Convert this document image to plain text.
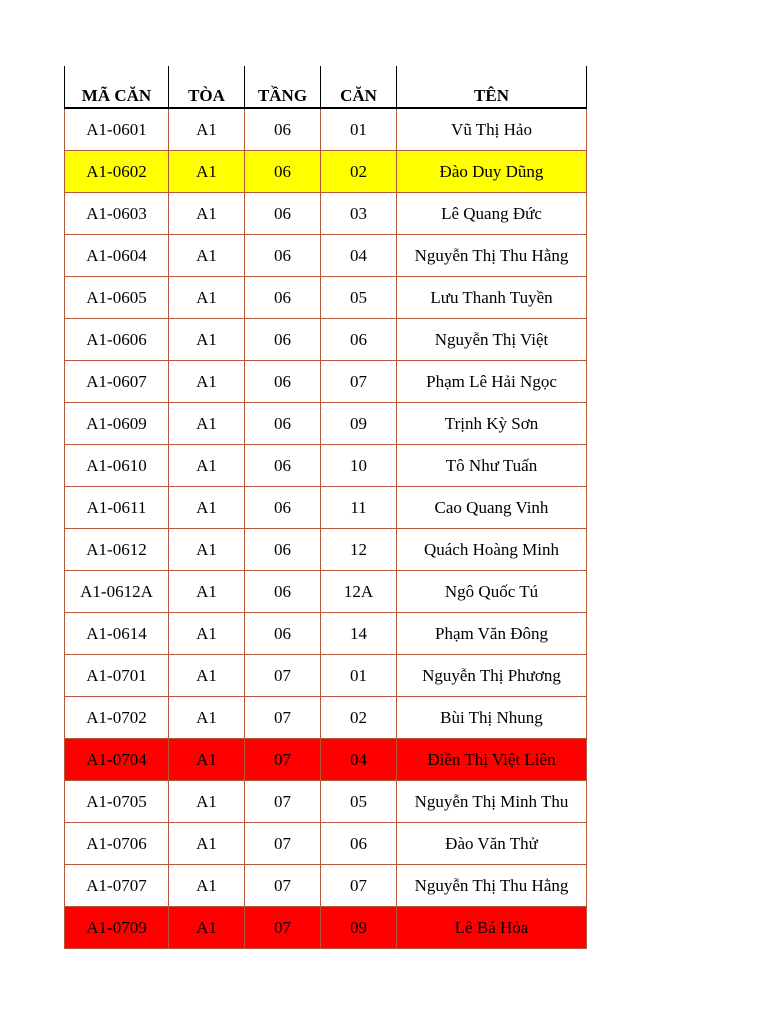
MÃ CĂN	TÒA	TẦNG	CĂN	TÊN
A1-0601	A1	06	01	Vũ Thị Hảo
A1-0602	A1	06	02	Đào Duy Dũng
A1-0603	A1	06	03	Lê Quang Đức
A1-0604	A1	06	04	Nguyễn Thị Thu Hằng
A1-0605	A1	06	05	Lưu Thanh Tuyền
A1-0606	A1	06	06	Nguyễn Thị Việt
A1-0607	A1	06	07	Phạm Lê Hải Ngọc
A1-0609	A1	06	09	Trịnh Kỳ Sơn
A1-0610	A1	06	10	Tô Như Tuấn
A1-0611	A1	06	11	Cao Quang Vinh
A1-0612	A1	06	12	Quách Hoàng Minh
A1-0612A	A1	06	12A	Ngô Quốc Tú
A1-0614	A1	06	14	Phạm Văn Đông
A1-0701	A1	07	01	Nguyễn Thị Phương
A1-0702	A1	07	02	Bùi Thị Nhung
A1-0704	A1	07	04	Điền Thị Việt Liên
A1-0705	A1	07	05	Nguyễn Thị Minh Thu
A1-0706	A1	07	06	Đào Văn Thử
A1-0707	A1	07	07	Nguyễn Thị Thu Hằng
A1-0709	A1	07	09	Lê Bá Hỏa
